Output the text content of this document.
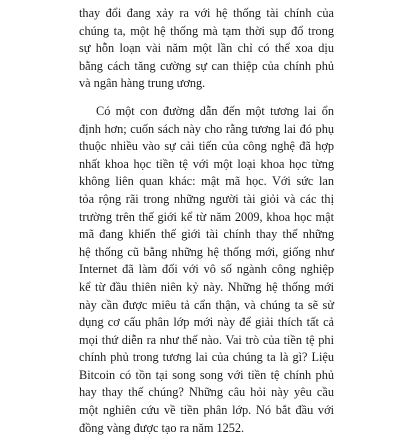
thay đổi đang xảy ra với hệ thống tài chính của
chúng ta, một hệ thống mà tạm thời sụp đổ trong
sự hỗn loạn vài năm một lần chỉ có thể xoa dịu
bằng cách tăng cường sự can thiệp của chính phủ
và ngân hàng trung ương.
Có một con đường dẫn đến một tương lai ổn
định hơn; cuốn sách này cho rằng tương lai đó phụ
thuộc nhiều vào sự cải tiến của công nghệ đã hợp
nhất khoa học tiền tệ với một loại khoa học từng
không liên quan khác: mật mã học. Với sức lan
tỏa rộng rãi trong những người tài giỏi và các thị
trường trên thế giới kể từ năm 2009, khoa học mật
mã đang khiến thế giới tài chính thay thế những
hệ thống cũ bằng những hệ thống mới, giống như
Internet đã làm đối với vô số ngành công nghiệp
kể từ đầu thiên niên kỷ này. Những hệ thống mới
này cần được miêu tả cẩn thận, và chúng ta sẽ sử
dụng cơ cấu phân lớp mới này để giải thích tất cả
mọi thứ diễn ra như thế nào. Vai trò của tiền tệ phi
chính phủ trong tương lai của chúng ta là gì? Liệu
Bitcoin có tồn tại song song với tiền tệ chính phủ
hay thay thế chúng? Những câu hỏi này yêu cầu
một nghiên cứu về tiền phân lớp. Nó bắt đầu với
đồng vàng được tạo ra năm 1252.
